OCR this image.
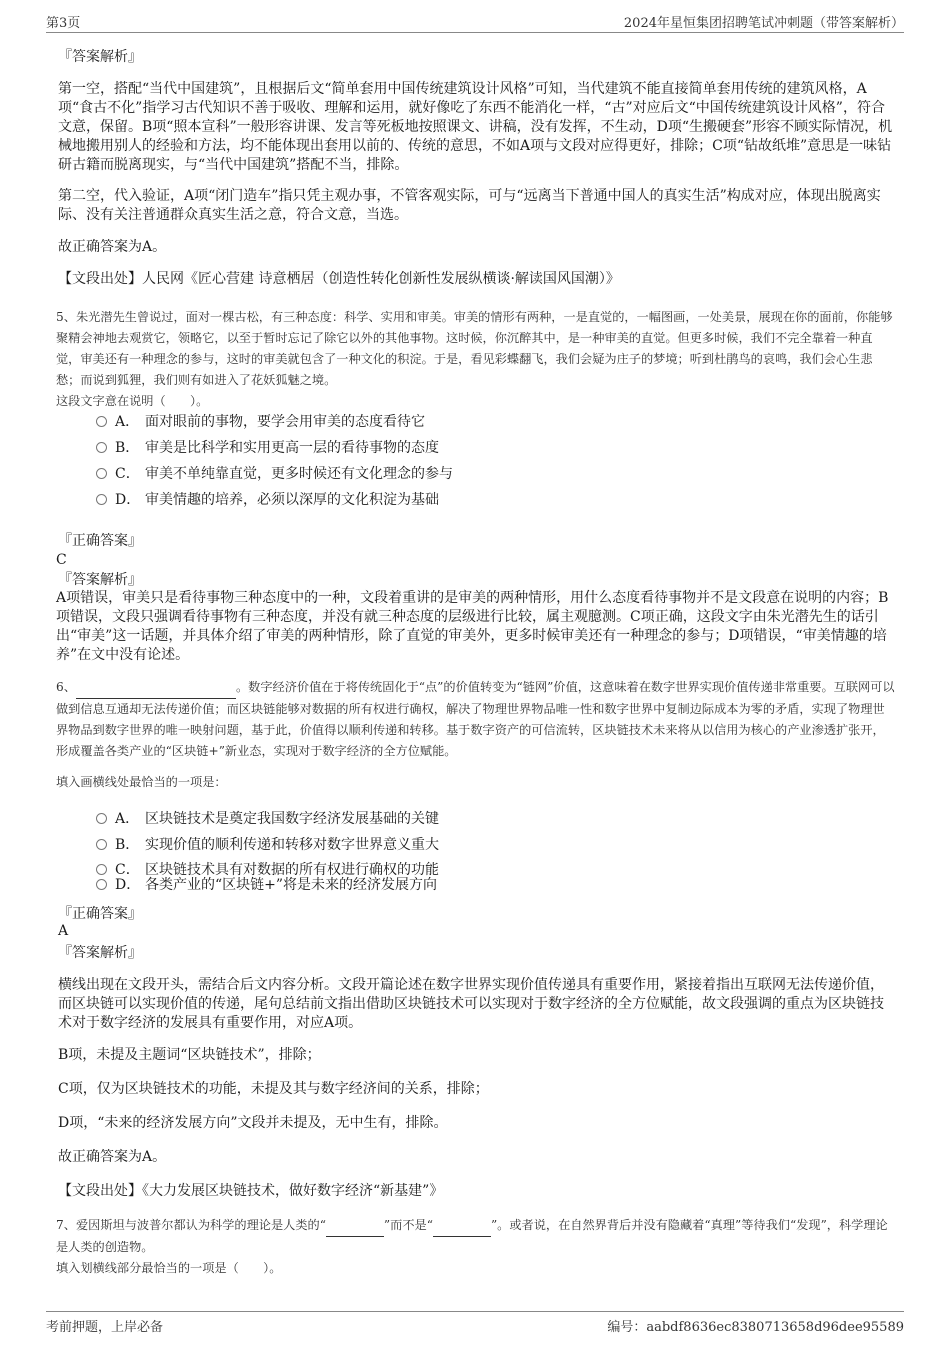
第3页	2024年星恒集团招聘笔试冲刺题（带答案解析）

『答案解析』

第一空，搭配“当代中国建筑”，且根据后文“简单套用中国传统建筑设计风格”可知，当代建筑不能直接简单套用传统的建筑风格，A项“食古不化”指学习古代知识不善于吸收、理解和运用，就好像吃了东西不能消化一样，“古”对应后文“中国传统建筑设计风格”，符合文意，保留。B项“照本宣科”一般形容讲课、发言等死板地按照课文、讲稿，没有发挥，不生动，D项“生搬硬套”形容不顾实际情况，机械地搬用别人的经验和方法，均不能体现出套用以前的、传统的意思，不如A项与文段对应得更好，排除；C项“钻故纸堆”意思是一味钻研古籍而脱离现实，与“当代中国建筑”搭配不当，排除。

第二空，代入验证，A项“闭门造车”指只凭主观办事，不管客观实际，可与“远离当下普通中国人的真实生活”构成对应，体现出脱离实际、没有关注普通群众真实生活之意，符合文意，当选。

故正确答案为A。

【文段出处】人民网《匠心营建 诗意栖居（创造性转化创新性发展纵横谈·解读国风国潮）》

5、朱光潜先生曾说过，面对一棵古松，有三种态度：科学、实用和审美。审美的情形有两种，一是直觉的，一幅图画，一处美景，展现在你的面前，你能够聚精会神地去观赏它，领略它，以至于暂时忘记了除它以外的其他事物。这时候，你沉醉其中，是一种审美的直觉。但更多时候，我们不完全靠着一种直觉，审美还有一种理念的参与，这时的审美就包含了一种文化的积淀。于是，看见彩蝶翻飞，我们会疑为庄子的梦境；听到杜鹃鸟的哀鸣，我们会心生悲愁；而说到狐狸，我们则有如进入了花妖狐魅之境。
这段文字意在说明（　　）。

A． 面对眼前的事物，要学会用审美的态度看待它
B． 审美是比科学和实用更高一层的看待事物的态度
C． 审美不单纯靠直觉，更多时候还有文化理念的参与
D． 审美情趣的培养，必须以深厚的文化积淀为基础

『正确答案』

C

『答案解析』

A项错误，审美只是看待事物三种态度中的一种，文段着重讲的是审美的两种情形，用什么态度看待事物并不是文段意在说明的内容；B项错误，文段只强调看待事物有三种态度，并没有就三种态度的层级进行比较，属主观臆测。C项正确，这段文字由朱光潜先生的话引出“审美”这一话题，并具体介绍了审美的两种情形，除了直觉的审美外，更多时候审美还有一种理念的参与；D项错误，“审美情趣的培养”在文中没有论述。

6、	。数字经济价值在于将传统固化于“点”的价值转变为“链网”价值，这意味着在数字世界实现价值传递非常重要。互联网可以做到信息互通却无法传递价值；而区块链能够对数据的所有权进行确权，解决了物理世界物品唯一性和数字世界中复制边际成本为零的矛盾，实现了物理世界物品到数字世界的唯一映射问题，基于此，价值得以顺利传递和转移。基于数字资产的可信流转，区块链技术未来将从以信用为核心的产业渗透扩张开，形成覆盖各类产业的“区块链+”新业态，实现对于数字经济的全方位赋能。

填入画横线处最恰当的一项是：

A． 区块链技术是奠定我国数字经济发展基础的关键
B． 实现价值的顺利传递和转移对数字世界意义重大
C． 区块链技术具有对数据的所有权进行确权的功能
D． 各类产业的“区块链+”将是未来的经济发展方向

『正确答案』

A

『答案解析』

横线出现在文段开头，需结合后文内容分析。文段开篇论述在数字世界实现价值传递具有重要作用，紧接着指出互联网无法传递价值，而区块链可以实现价值的传递，尾句总结前文指出借助区块链技术可以实现对于数字经济的全方位赋能，故文段强调的重点为区块链技术对于数字经济的发展具有重要作用，对应A项。

B项，未提及主题词“区块链技术”，排除；

C项，仅为区块链技术的功能，未提及其与数字经济间的关系，排除；

D项，“未来的经济发展方向”文段并未提及，无中生有，排除。

故正确答案为A。

【文段出处】《大力发展区块链技术，做好数字经济“新基建”》

7、爱因斯坦与波普尔都认为科学的理论是人类的“	”而不是“	”。或者说，在自然界背后并没有隐藏着“真理”等待我们“发现”，科学理论是人类的创造物。
填入划横线部分最恰当的一项是（　　）。

考前押题，上岸必备	编号：aabdf8636ec8380713658d96dee95589
